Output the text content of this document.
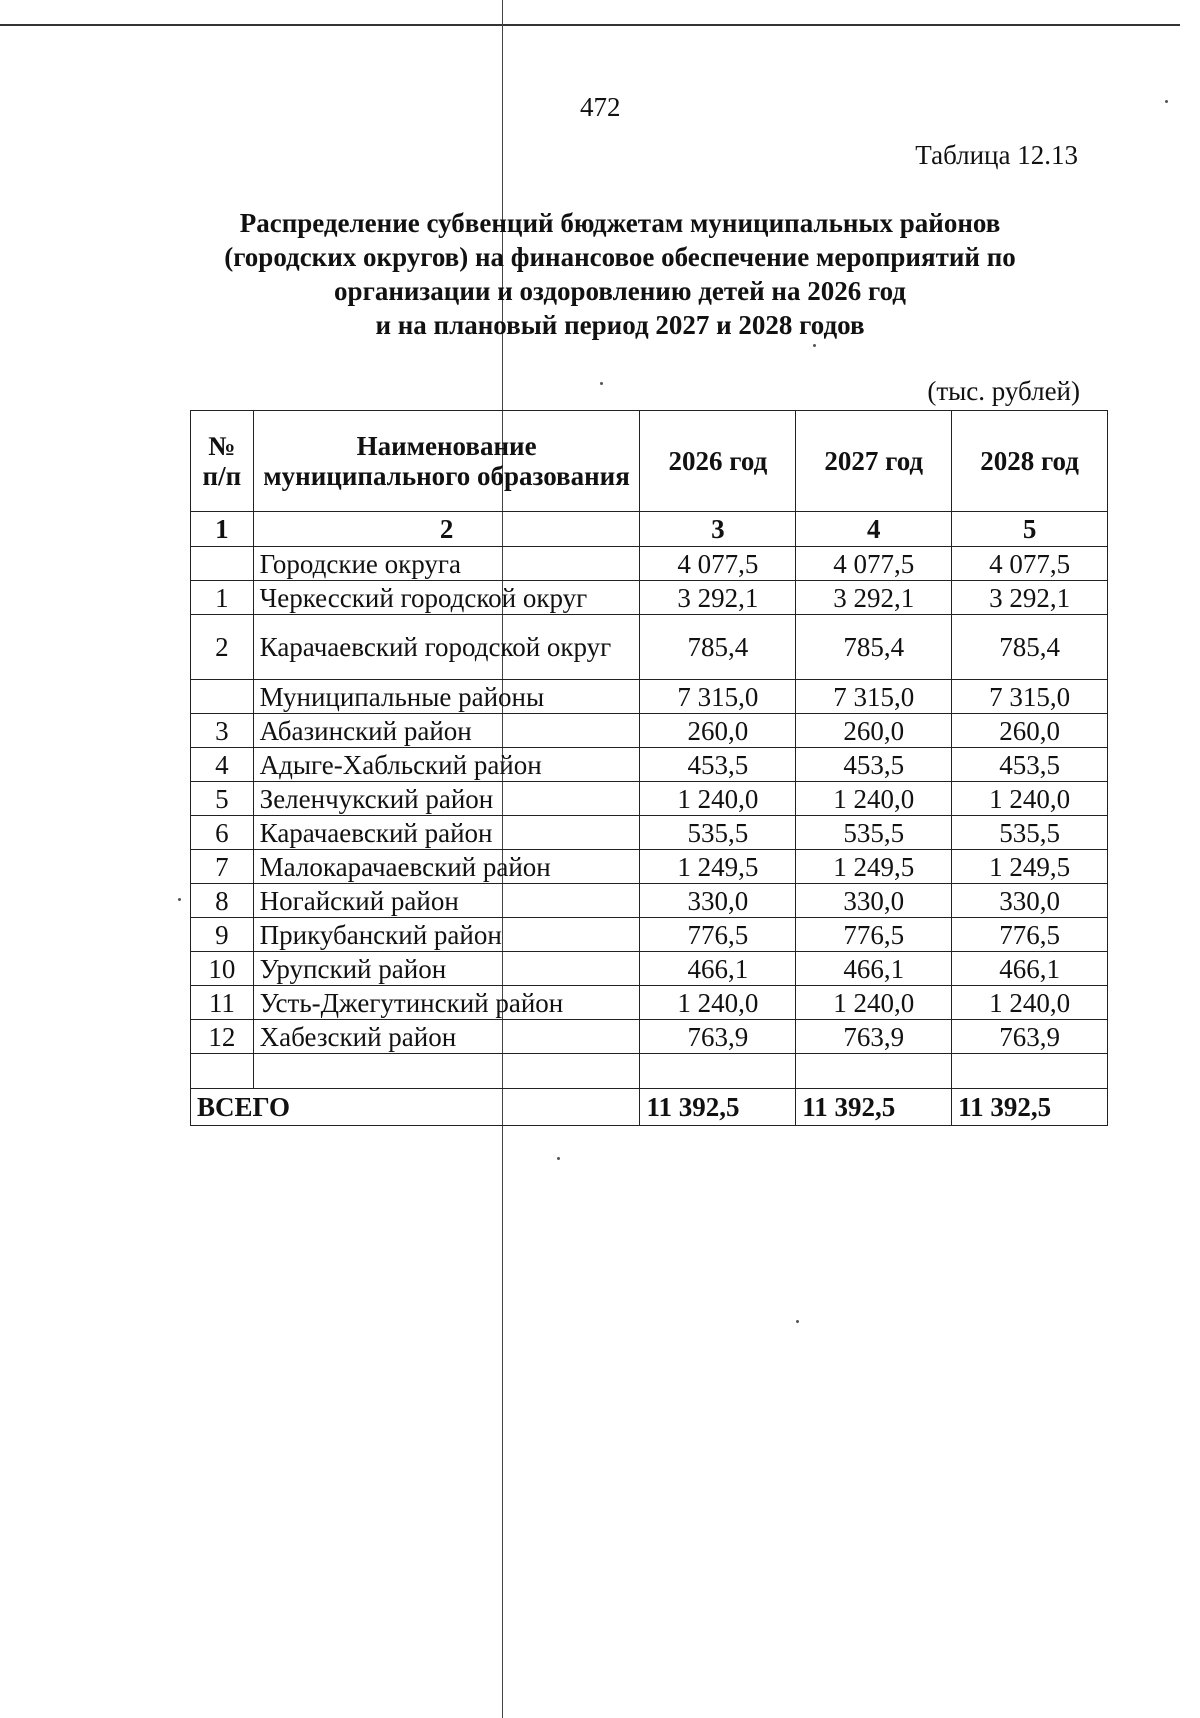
472
Таблица 12.13
Распределение субвенций бюджетам муниципальных районов
(городских округов) на финансовое обеспечение мероприятий по
организации и оздоровлению детей на 2026 год
и на плановый период 2027 и 2028 годов
(тыс. рублей)
№ п/п	Наименование муниципального образования	2026 год	2027 год	2028 год
1	2	3	4	5
	Городские округа	4 077,5	4 077,5	4 077,5
1	Черкесский городской округ	3 292,1	3 292,1	3 292,1
2	Карачаевский городской округ	785,4	785,4	785,4
	Муниципальные районы	7 315,0	7 315,0	7 315,0
3	Абазинский район	260,0	260,0	260,0
4	Адыге-Хабльский район	453,5	453,5	453,5
5	Зеленчукский район	1 240,0	1 240,0	1 240,0
6	Карачаевский район	535,5	535,5	535,5
7	Малокарачаевский район	1 249,5	1 249,5	1 249,5
8	Ногайский район	330,0	330,0	330,0
9	Прикубанский район	776,5	776,5	776,5
10	Урупский район	466,1	466,1	466,1
11	Усть-Джегутинский район	1 240,0	1 240,0	1 240,0
12	Хабезский район	763,9	763,9	763,9

ВСЕГО		11 392,5	11 392,5	11 392,5
